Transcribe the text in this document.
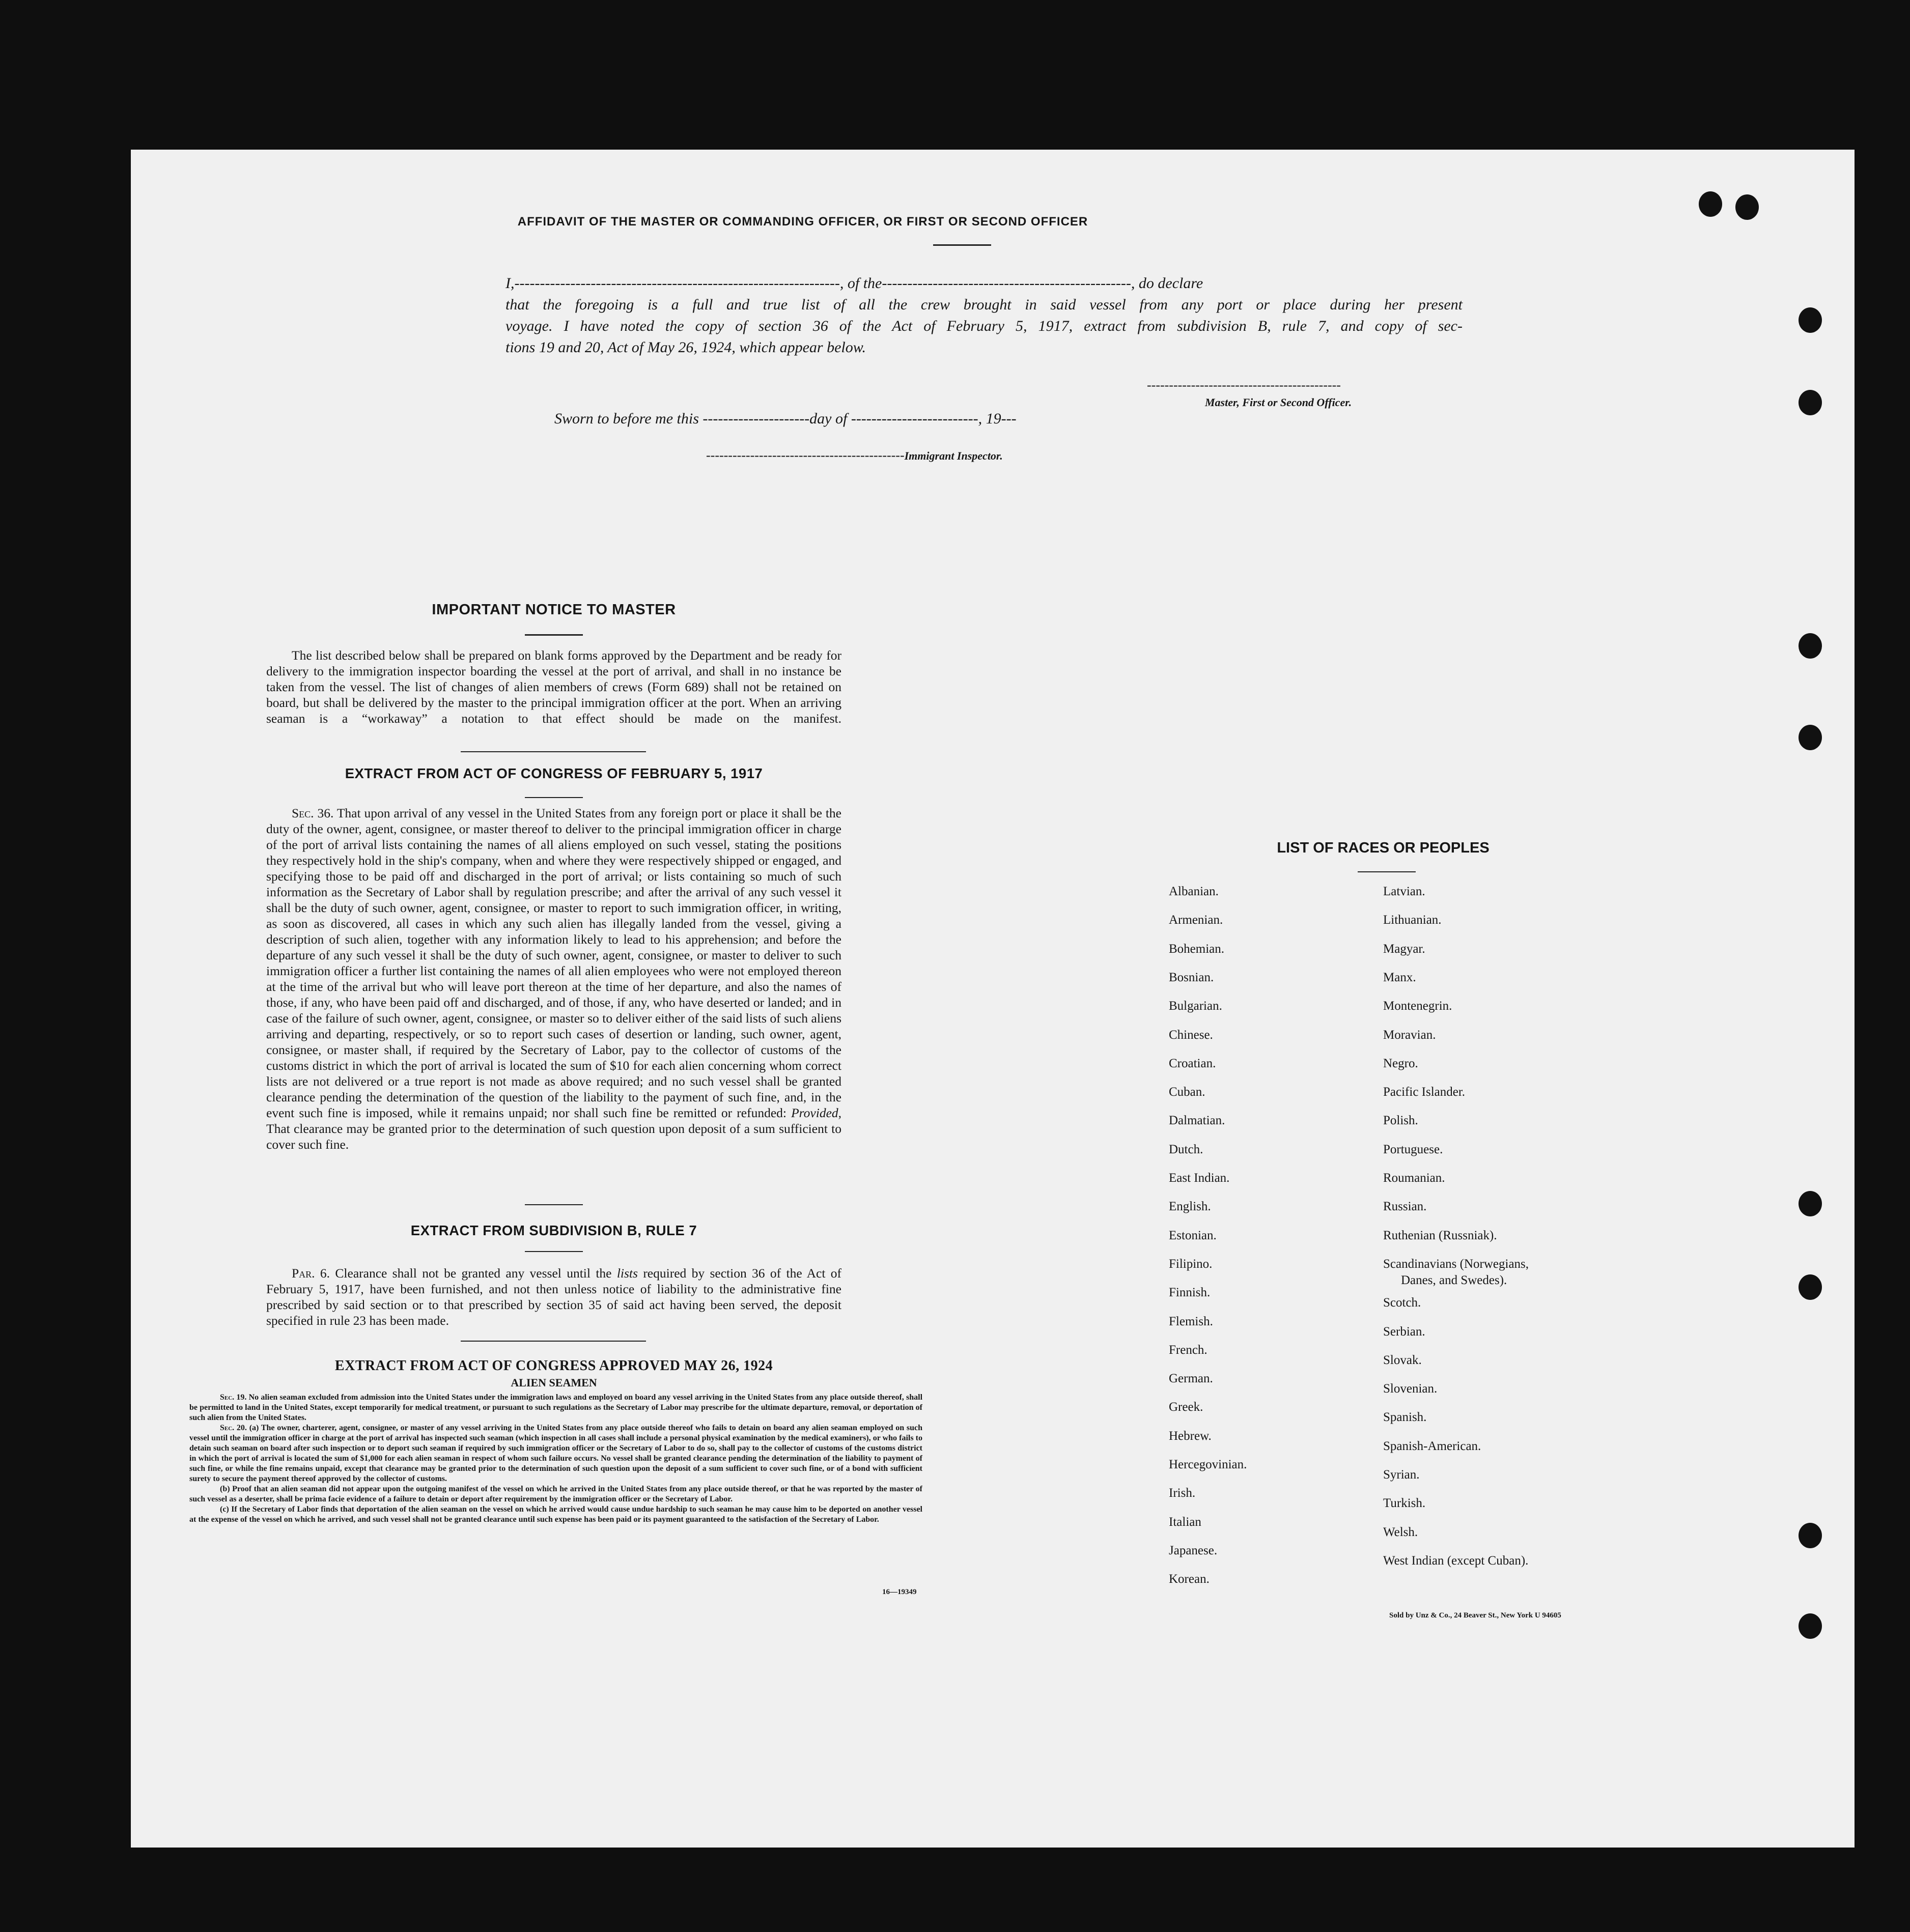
AFFIDAVIT OF THE MASTER OR COMMANDING OFFICER, OR FIRST OR SECOND OFFICER
I,----------------------------------------------------------------, of the-------------------------------------------------, do declare
that the foregoing is a full and true list of all the crew brought in said vessel from any port or place during her present
voyage. I have noted the copy of section 36 of the Act of February 5, 1917, extract from subdivision B, rule 7, and copy of sec-
tions 19 and 20, Act of May 26, 1924, which appear below.
--------------------------------------------
Master, First or Second Officer.
Sworn to before me this ---------------------day of -------------------------, 19---
---------------------------------------------Immigrant Inspector.
IMPORTANT NOTICE TO MASTER

The list described below shall be prepared on blank forms approved by the Department and be ready for delivery to the immigration inspector boarding the vessel at the port of arrival, and shall in no instance be taken from the vessel. The list of changes of alien members of crews (Form 689) shall not be retained on board, but shall be delivered by the master to the principal immigration officer at the port. When an arriving seaman is a “workaway” a notation to that effect should be made on the manifest.

EXTRACT FROM ACT OF CONGRESS OF FEBRUARY 5, 1917

Sec. 36. That upon arrival of any vessel in the United States from any foreign port or place it shall be the duty of the owner, agent, consignee, or master thereof to deliver to the principal immigration officer in charge of the port of arrival lists containing the names of all aliens employed on such vessel, stating the positions they respectively hold in the ship's company, when and where they were respectively shipped or engaged, and specifying those to be paid off and discharged in the port of arrival; or lists containing so much of such information as the Secretary of Labor shall by regulation prescribe; and after the arrival of any such vessel it shall be the duty of such owner, agent, consignee, or master to report to such immigration officer, in writing, as soon as discovered, all cases in which any such alien has illegally landed from the vessel, giving a description of such alien, together with any information likely to lead to his apprehension; and before the departure of any such vessel it shall be the duty of such owner, agent, consignee, or master to deliver to such immigration officer a further list containing the names of all alien employees who were not employed thereon at the time of the arrival but who will leave port thereon at the time of her departure, and also the names of those, if any, who have been paid off and discharged, and of those, if any, who have deserted or landed; and in case of the failure of such owner, agent, consignee, or master so to deliver either of the said lists of such aliens arriving and departing, respectively, or so to report such cases of desertion or landing, such owner, agent, consignee, or master shall, if required by the Secretary of Labor, pay to the collector of customs of the customs district in which the port of arrival is located the sum of $10 for each alien concerning whom correct lists are not delivered or a true report is not made as above required; and no such vessel shall be granted clearance pending the determination of the question of the liability to the payment of such fine, and, in the event such fine is imposed, while it remains unpaid; nor shall such fine be remitted or refunded: Provided, That clearance may be granted prior to the determination of such question upon deposit of a sum sufficient to cover such fine.

EXTRACT FROM SUBDIVISION B, RULE 7

Par. 6. Clearance shall not be granted any vessel until the lists required by section 36 of the Act of February 5, 1917, have been furnished, and not then unless notice of liability to the administrative fine prescribed by said section or to that prescribed by section 35 of said act having been served, the deposit specified in rule 23 has been made.

EXTRACT FROM ACT OF CONGRESS APPROVED MAY 26, 1924
ALIEN SEAMEN

Sec. 19. No alien seaman excluded from admission into the United States under the immigration laws and employed on board any vessel arriving in the United States from any place outside thereof, shall be permitted to land in the United States, except temporarily for medical treatment, or pursuant to such regulations as the Secretary of Labor may prescribe for the ultimate departure, removal, or deportation of such alien from the United States.

Sec. 20. (a) The owner, charterer, agent, consignee, or master of any vessel arriving in the United States from any place outside thereof who fails to detain on board any alien seaman employed on such vessel until the immigration officer in charge at the port of arrival has inspected such seaman (which inspection in all cases shall include a personal physical examination by the medical examiners), or who fails to detain such seaman on board after such inspection or to deport such seaman if required by such immigration officer or the Secretary of Labor to do so, shall pay to the collector of customs of the customs district in which the port of arrival is located the sum of $1,000 for each alien seaman in respect of whom such failure occurs. No vessel shall be granted clearance pending the determination of the liability to payment of such fine, or while the fine remains unpaid, except that clearance may be granted prior to the determination of such question upon the deposit of a sum sufficient to cover such fine, or of a bond with sufficient surety to secure the payment thereof approved by the collector of customs.

(b) Proof that an alien seaman did not appear upon the outgoing manifest of the vessel on which he arrived in the United States from any place outside thereof, or that he was reported by the master of such vessel as a deserter, shall be prima facie evidence of a failure to detain or deport after requirement by the immigration officer or the Secretary of Labor.

(c) If the Secretary of Labor finds that deportation of the alien seaman on the vessel on which he arrived would cause undue hardship to such seaman he may cause him to be deported on another vessel at the expense of the vessel on which he arrived, and such vessel shall not be granted clearance until such expense has been paid or its payment guaranteed to the satisfaction of the Secretary of Labor.

16—19349
LIST OF RACES OR PEOPLES
Sold by Unz & Co., 24 Beaver St., New York U 94605
Albanian.
Armenian.
Bohemian.
Bosnian.
Bulgarian.
Chinese.
Croatian.
Cuban.
Dalmatian.
Dutch.
East Indian.
English.
Estonian.
Filipino.
Finnish.
Flemish.
French.
German.
Greek.
Hebrew.
Hercegovinian.
Irish.
Italian
Japanese.
Korean.
Latvian.
Lithuanian.
Magyar.
Manx.
Montenegrin.
Moravian.
Negro.
Pacific Islander.
Polish.
Portuguese.
Roumanian.
Russian.
Ruthenian (Russniak).
Scandinavians (Norwegians,
Danes, and Swedes).
Scotch.
Serbian.
Slovak.
Slovenian.
Spanish.
Spanish-American.
Syrian.
Turkish.
Welsh.
West Indian (except Cuban).
